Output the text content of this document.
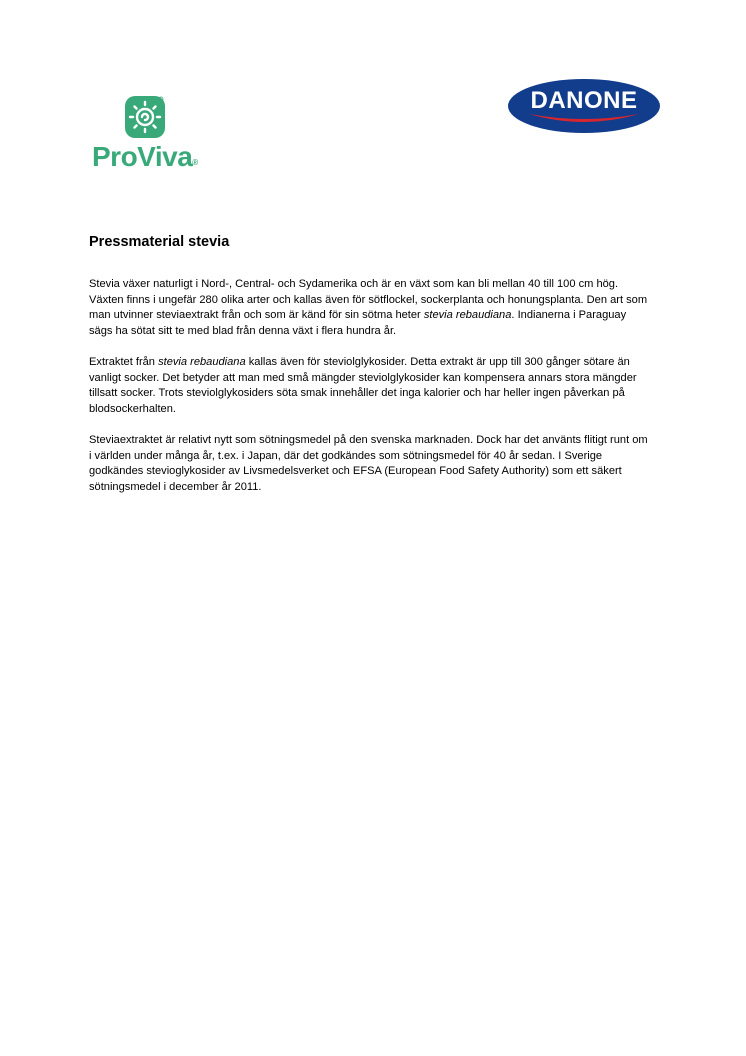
ProViva®
DANONE
Pressmaterial stevia

Stevia växer naturligt i Nord-, Central- och Sydamerika och är en växt som kan bli mellan 40 till 100 cm hög. Växten finns i ungefär 280 olika arter och kallas även för sötflockel, sockerplanta och honungsplanta. Den art som man utvinner steviaextrakt från och som är känd för sin sötma heter stevia rebaudiana. Indianerna i Paraguay sägs ha sötat sitt te med blad från denna växt i flera hundra år.

Extraktet från stevia rebaudiana kallas även för steviolglykosider. Detta extrakt är upp till 300 gånger sötare än vanligt socker. Det betyder att man med små mängder steviolglykosider kan kompensera annars stora mängder tillsatt socker. Trots steviolglykosiders söta smak innehåller det inga kalorier och har heller ingen påverkan på blodsockerhalten.

Steviaextraktet är relativt nytt som sötningsmedel på den svenska marknaden. Dock har det använts flitigt runt om i världen under många år, t.ex. i Japan, där det godkändes som sötningsmedel för 40 år sedan. I Sverige godkändes stevioglykosider av Livsmedelsverket och EFSA (European Food Safety Authority) som ett säkert sötningsmedel i december år 2011.
